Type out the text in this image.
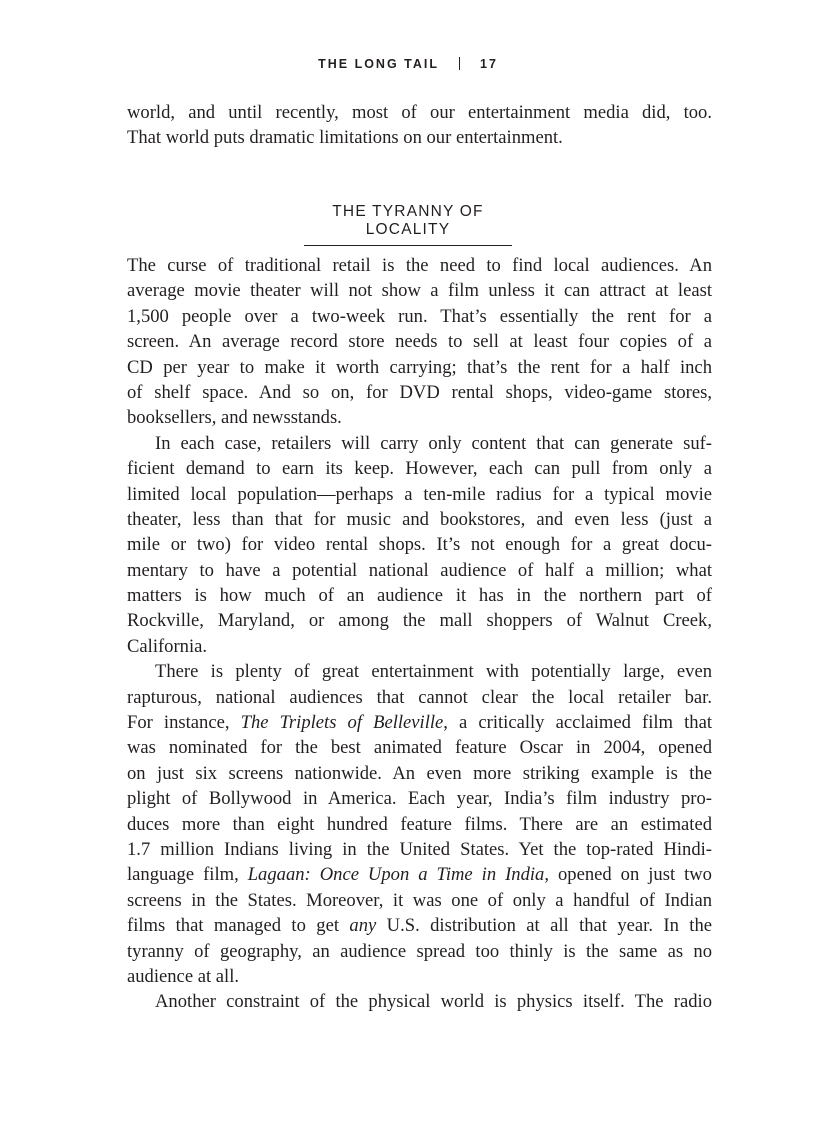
THE LONG TAIL	17
world, and until recently, most of our entertainment media did, too.
That world puts dramatic limitations on our entertainment.
THE TYRANNY OF LOCALITY
The curse of traditional retail is the need to find local audiences. An
average movie theater will not show a film unless it can attract at least
1,500 people over a two-week run. That’s essentially the rent for a
screen. An average record store needs to sell at least four copies of a
CD per year to make it worth carrying; that’s the rent for a half inch
of shelf space. And so on, for DVD rental shops, video-game stores,
booksellers, and newsstands.
In each case, retailers will carry only content that can generate suf-
ficient demand to earn its keep. However, each can pull from only a
limited local population—perhaps a ten-mile radius for a typical movie
theater, less than that for music and bookstores, and even less (just a
mile or two) for video rental shops. It’s not enough for a great docu-
mentary to have a potential national audience of half a million; what
matters is how much of an audience it has in the northern part of
Rockville, Maryland, or among the mall shoppers of Walnut Creek,
California.
There is plenty of great entertainment with potentially large, even
rapturous, national audiences that cannot clear the local retailer bar.
For instance, The Triplets of Belleville, a critically acclaimed film that
was nominated for the best animated feature Oscar in 2004, opened
on just six screens nationwide. An even more striking example is the
plight of Bollywood in America. Each year, India’s film industry pro-
duces more than eight hundred feature films. There are an estimated
1.7 million Indians living in the United States. Yet the top-rated Hindi-
language film, Lagaan: Once Upon a Time in India, opened on just two
screens in the States. Moreover, it was one of only a handful of Indian
films that managed to get any U.S. distribution at all that year. In the
tyranny of geography, an audience spread too thinly is the same as no
audience at all.
Another constraint of the physical world is physics itself. The radio
